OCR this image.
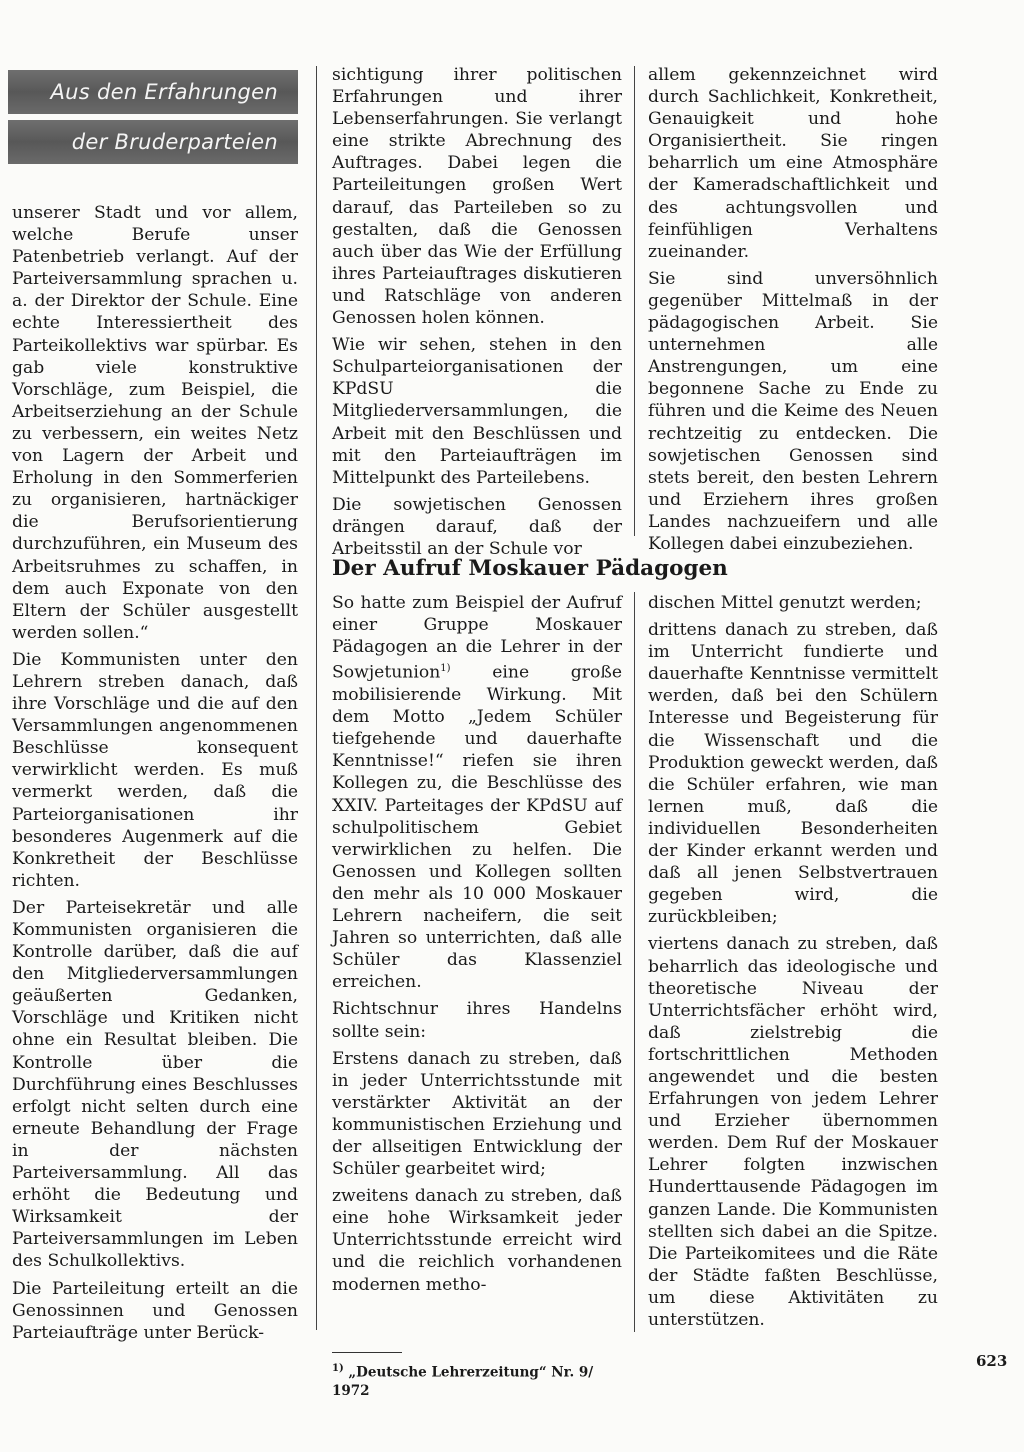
Aus den Erfahrungen
der Bruderparteien

unserer Stadt und vor allem, welche Berufe unser Patenbetrieb verlangt. Auf der Parteiversammlung sprachen u. a. der Direktor der Schule. Eine echte Interessiertheit des Parteikollektivs war spürbar. Es gab viele konstruktive Vorschläge, zum Beispiel, die Arbeitserziehung an der Schule zu verbessern, ein weites Netz von Lagern der Arbeit und Erholung in den Sommerferien zu organisieren, hartnäckiger die Berufsorientierung durchzuführen, ein Museum des Arbeitsruhmes zu schaffen, in dem auch Exponate von den Eltern der Schüler ausgestellt werden sollen.“

Die Kommunisten unter den Lehrern streben danach, daß ihre Vorschläge und die auf den Versammlungen angenommenen Beschlüsse konsequent verwirklicht werden. Es muß vermerkt werden, daß die Parteiorganisationen ihr besonderes Augenmerk auf die Konkretheit der Beschlüsse richten.

Der Parteisekretär und alle Kommunisten organisieren die Kontrolle darüber, daß die auf den Mitgliederversammlungen geäußerten Gedanken, Vorschläge und Kritiken nicht ohne ein Resultat bleiben. Die Kontrolle über die Durchführung eines Beschlusses erfolgt nicht selten durch eine erneute Behandlung der Frage in der nächsten Parteiversammlung. All das erhöht die Bedeutung und Wirksamkeit der Parteiversammlungen im Leben des Schulkollektivs.

Die Parteileitung erteilt an die Genossinnen und Genossen Parteiaufträge unter Berück-

sichtigung ihrer politischen Erfahrungen und ihrer Lebenserfahrungen. Sie verlangt eine strikte Abrechnung des Auftrages. Dabei legen die Parteileitungen großen Wert darauf, das Parteileben so zu gestalten, daß die Genossen auch über das Wie der Erfüllung ihres Parteiauftrages diskutieren und Ratschläge von anderen Genossen holen können.

Wie wir sehen, stehen in den Schulparteiorganisationen der KPdSU die Mitgliederversammlungen, die Arbeit mit den Beschlüssen und mit den Parteiaufträgen im Mittelpunkt des Parteilebens.

Die sowjetischen Genossen drängen darauf, daß der Arbeitsstil an der Schule vor

allem gekennzeichnet wird durch Sachlichkeit, Konkretheit, Genauigkeit und hohe Organisiertheit. Sie ringen beharrlich um eine Atmosphäre der Kameradschaftlichkeit und des achtungsvollen und feinfühligen Verhaltens zueinander.

Sie sind unversöhnlich gegenüber Mittelmaß in der pädagogischen Arbeit. Sie unternehmen alle Anstrengungen, um eine begonnene Sache zu Ende zu führen und die Keime des Neuen rechtzeitig zu entdecken. Die sowjetischen Genossen sind stets bereit, den besten Lehrern und Erziehern ihres großen Landes nachzueifern und alle Kollegen dabei einzubeziehen.

Der Aufruf Moskauer Pädagogen

So hatte zum Beispiel der Aufruf einer Gruppe Moskauer Pädagogen an die Lehrer in der Sowjetunion$^{1)}$ eine große mobilisierende Wirkung. Mit dem Motto „Jedem Schüler tiefgehende und dauerhafte Kenntnisse!“ riefen sie ihren Kollegen zu, die Beschlüsse des XXIV. Parteitages der KPdSU auf schulpolitischem Gebiet verwirklichen zu helfen. Die Genossen und Kollegen sollten den mehr als 10 000 Moskauer Lehrern nacheifern, die seit Jahren so unterrichten, daß alle Schüler das Klassenziel erreichen.

Richtschnur ihres Handelns sollte sein:

Erstens danach zu streben, daß in jeder Unterrichtsstunde mit verstärkter Aktivität an der kommunistischen Erziehung und der allseitigen Entwicklung der Schüler gearbeitet wird;

zweitens danach zu streben, daß eine hohe Wirksamkeit jeder Unterrichtsstunde erreicht wird und die reichlich vorhandenen modernen metho-

dischen Mittel genutzt werden;

drittens danach zu streben, daß im Unterricht fundierte und dauerhafte Kenntnisse vermittelt werden, daß bei den Schülern Interesse und Begeisterung für die Wissenschaft und die Produktion geweckt werden, daß die Schüler erfahren, wie man lernen muß, daß die individuellen Besonderheiten der Kinder erkannt werden und daß all jenen Selbstvertrauen gegeben wird, die zurückbleiben;

viertens danach zu streben, daß beharrlich das ideologische und theoretische Niveau der Unterrichtsfächer erhöht wird, daß zielstrebig die fortschrittlichen Methoden angewendet und die besten Erfahrungen von jedem Lehrer und Erzieher übernommen werden. Dem Ruf der Moskauer Lehrer folgten inzwischen Hunderttausende Pädagogen im ganzen Lande. Die Kommunisten stellten sich dabei an die Spitze. Die Parteikomitees und die Räte der Städte faßten Beschlüsse, um diese Aktivitäten zu unterstützen.

$^{1)}$ „Deutsche Lehrerzeitung“ Nr. 9/ 1972
623
